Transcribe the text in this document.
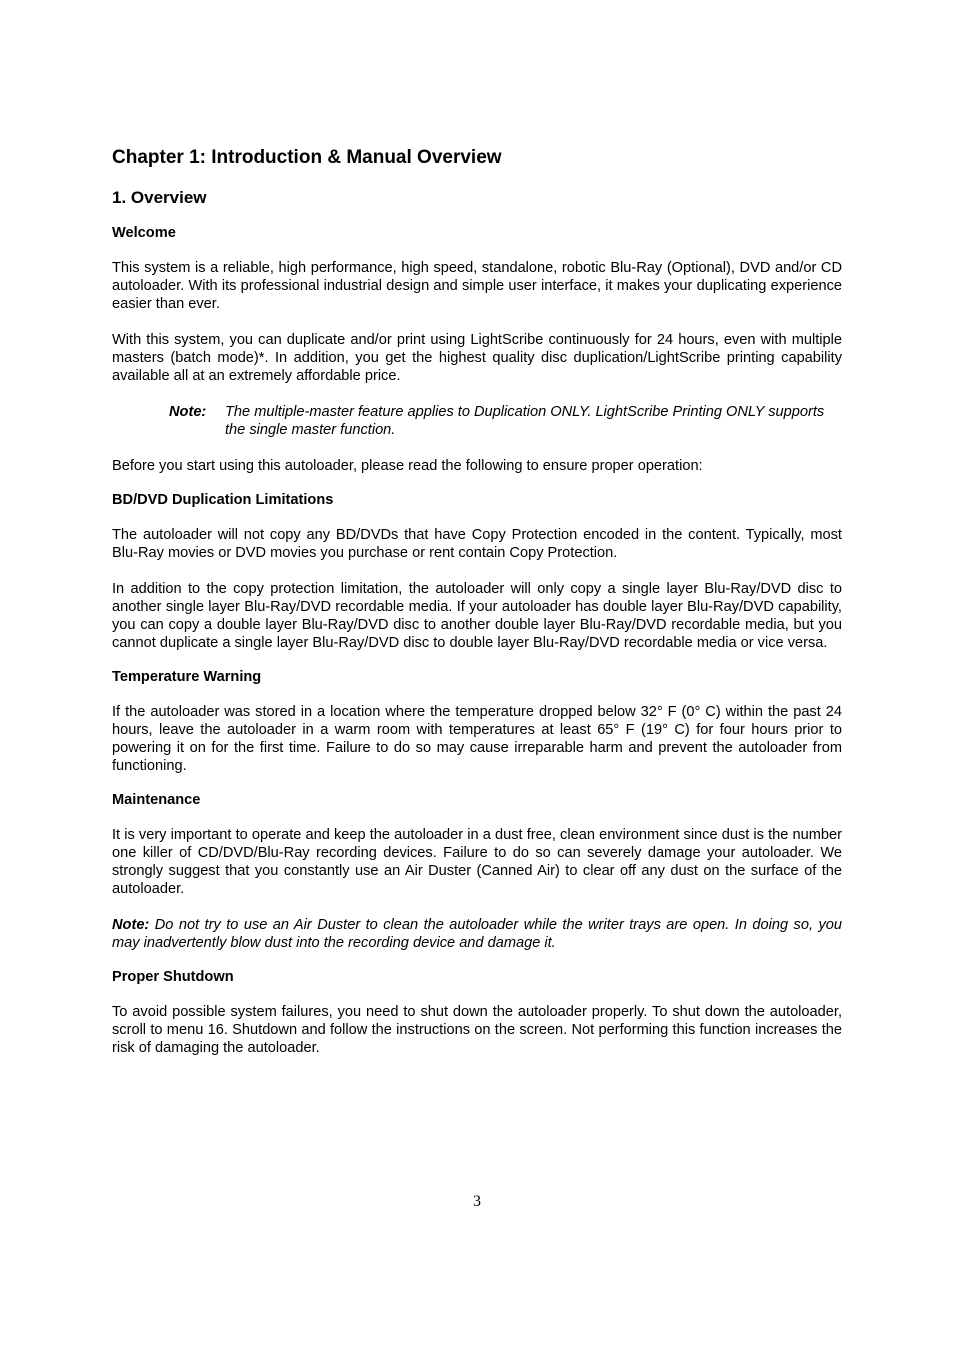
Chapter 1: Introduction & Manual Overview
1. Overview
Welcome

This system is a reliable, high performance, high speed, standalone, robotic Blu-Ray (Optional), DVD and/or CD autoloader. With its professional industrial design and simple user interface, it makes your duplicating experience easier than ever.

With this system, you can duplicate and/or print using LightScribe continuously for 24 hours, even with multiple masters (batch mode)*. In addition, you get the highest quality disc duplication/LightScribe printing capability available all at an extremely affordable price.

Note:	The multiple-master feature applies to Duplication ONLY. LightScribe Printing ONLY supports the single master function.

Before you start using this autoloader, please read the following to ensure proper operation:

BD/DVD Duplication Limitations

The autoloader will not copy any BD/DVDs that have Copy Protection encoded in the content. Typically, most Blu-Ray movies or DVD movies you purchase or rent contain Copy Protection.

In addition to the copy protection limitation, the autoloader will only copy a single layer Blu-Ray/DVD disc to another single layer Blu-Ray/DVD recordable media. If your autoloader has double layer Blu-Ray/DVD capability, you can copy a double layer Blu-Ray/DVD disc to another double layer Blu-Ray/DVD recordable media, but you cannot duplicate a single layer Blu-Ray/DVD disc to double layer Blu-Ray/DVD recordable media or vice versa.

Temperature Warning

If the autoloader was stored in a location where the temperature dropped below 32° F (0° C) within the past 24 hours, leave the autoloader in a warm room with temperatures at least 65° F (19° C) for four hours prior to powering it on for the first time. Failure to do so may cause irreparable harm and prevent the autoloader from functioning.

Maintenance

It is very important to operate and keep the autoloader in a dust free, clean environment since dust is the number one killer of CD/DVD/Blu-Ray recording devices. Failure to do so can severely damage your autoloader. We strongly suggest that you constantly use an Air Duster (Canned Air) to clear off any dust on the surface of the autoloader.

Note: Do not try to use an Air Duster to clean the autoloader while the writer trays are open. In doing so, you may inadvertently blow dust into the recording device and damage it.

Proper Shutdown

To avoid possible system failures, you need to shut down the autoloader properly. To shut down the autoloader, scroll to menu 16. Shutdown and follow the instructions on the screen. Not performing this function increases the risk of damaging the autoloader.

3
